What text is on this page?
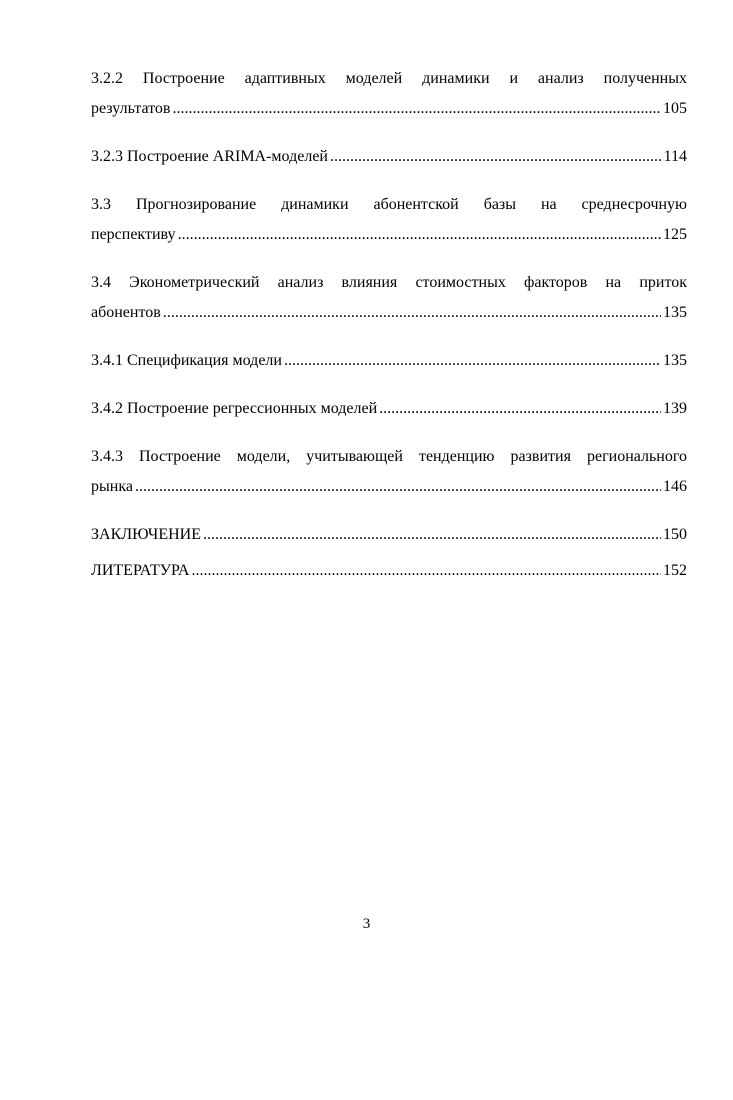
3.2.2 Построение адаптивных моделей динамики и анализ полученных
результатов .....	105
3.2.3 Построение ARIMA-моделей .....	114
3.3 Прогнозирование динамики абонентской базы на среднесрочную
перспективу .....	125
3.4 Эконометрический анализ влияния стоимостных факторов на приток
абонентов .....	135
3.4.1 Спецификация модели .....	135
3.4.2 Построение регрессионных моделей .....	139
3.4.3 Построение модели, учитывающей тенденцию развития регионального
рынка .....	146
ЗАКЛЮЧЕНИЕ .....	150
ЛИТЕРАТУРА .....	152
3
